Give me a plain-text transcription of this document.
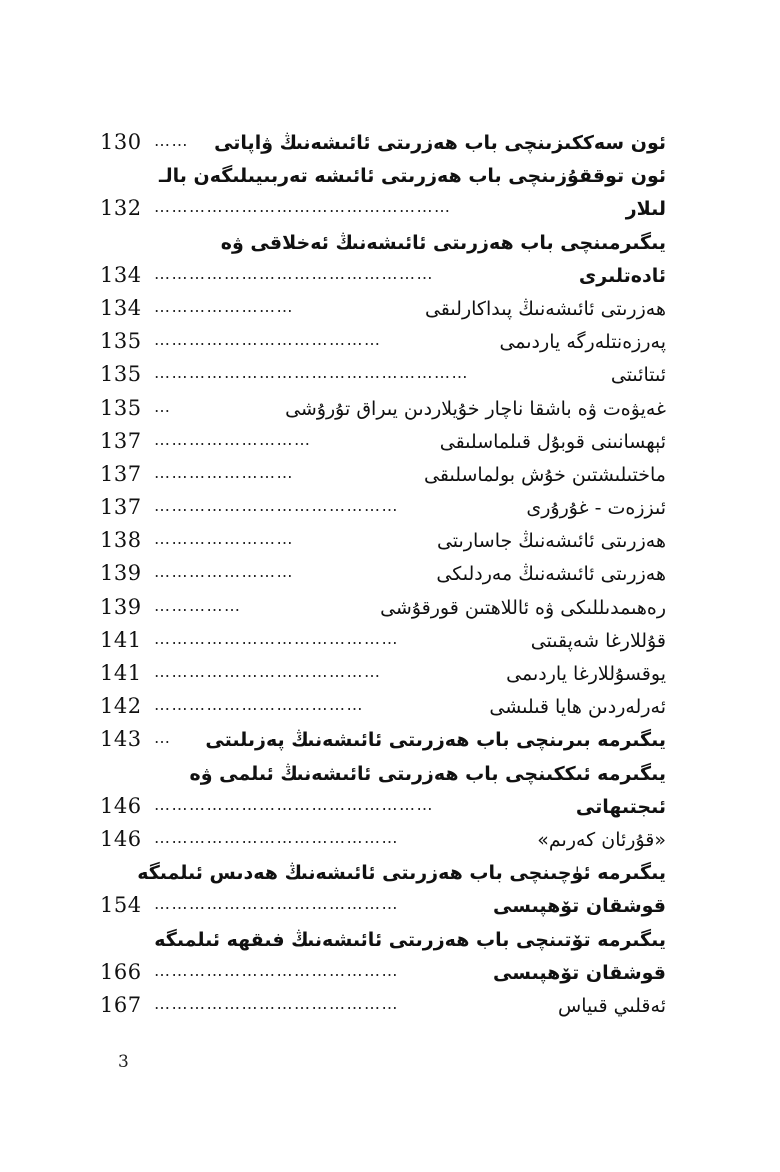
130	ئون سەككىزىنچى باب ھەزرىتى ئائىشەنىڭ ۋاپاتى
……
ئون توققۇزىنچى باب ھەزرىتى ئائىشە تەربىيىلىگەن بالـ
132	لىلار
……………………………………………
يىگىرمىنچى باب ھەزرىتى ئائىشەنىڭ ئەخلاقى ۋە
134	ئادەتلىرى
…………………………………………
134	ھەزرىتى ئائىشەنىڭ پىداكارلىقى
……………………
135	پەرزەنتلەرگە ياردىمى
…………………………………
135	ئىتائىتى
………………………………………………
135	غەيۋەت ۋە باشقا ناچار خۇيلاردىن يىراق تۇرۇشى
…
137	ئېھسانىنى قوبۇل قىلماسلىقى
………………………
137	ماختىلىشتىن خۇش بولماسلىقى
……………………
137	ئىززەت - غۇرۇرى
……………………………………
138	ھەزرىتى ئائىشەنىڭ جاسارىتى
……………………
139	ھەزرىتى ئائىشەنىڭ مەردلىكى
……………………
139	رەھىمدىللىكى ۋە ئاللاھتىن قورقۇشى
……………
141	قۇللارغا شەپقىتى
……………………………………
141	يوقسۇللارغا ياردىمى
…………………………………
142	ئەرلەردىن ھايا قىلىشى
………………………………
143	يىگىرمە بىرىنچى باب ھەزرىتى ئائىشەنىڭ پەزىلىتى
…
يىگىرمە ئىككىنچى باب ھەزرىتى ئائىشەنىڭ ئىلمى ۋە
146	ئىجتىھاتى
…………………………………………
146	«قۇرئان كەرىم»
……………………………………
يىگىرمە ئۈچىنچى باب ھەزرىتى ئائىشەنىڭ ھەدىس ئىلمىگە
154	قوشقان تۆھپىسى
……………………………………
يىگىرمە تۆتىنچى باب ھەزرىتى ئائىشەنىڭ فىقھە ئىلمىگە
166	قوشقان تۆھپىسى
……………………………………
167	ئەقلىي قىياس
……………………………………
3
